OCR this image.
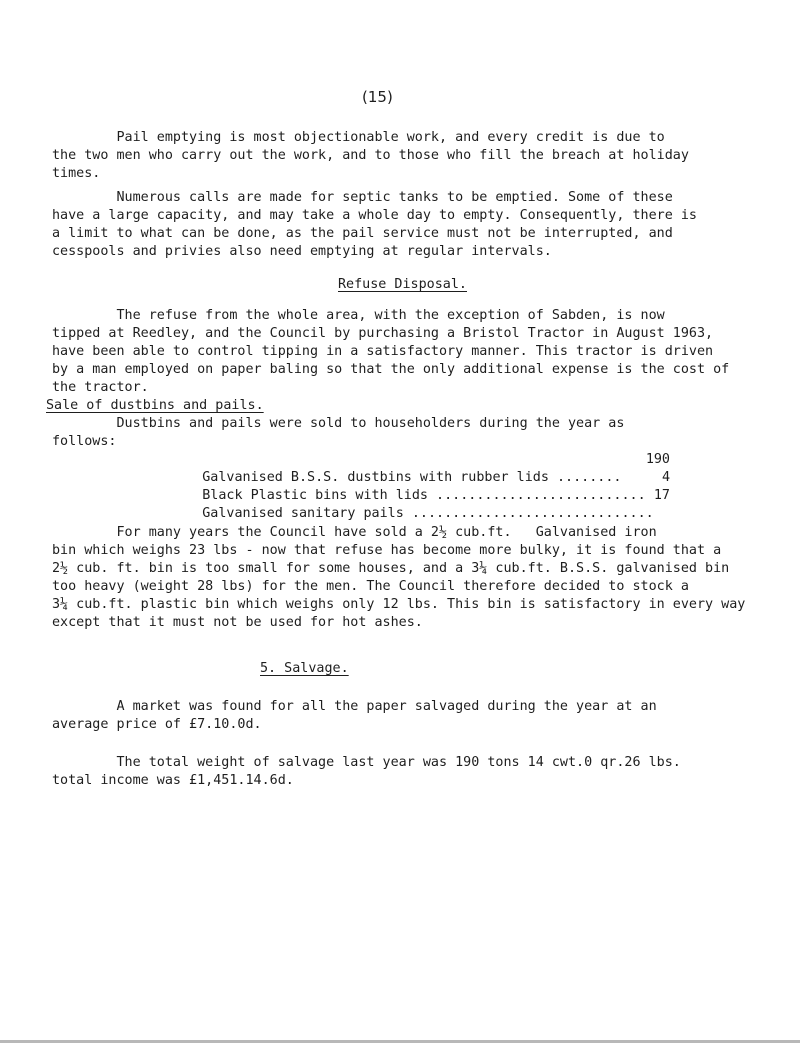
(15)

Pail emptying is most objectionable work, and every credit is due to
the two men who carry out the work, and to those who fill the breach at holiday
times.

Numerous calls are made for septic tanks to be emptied. Some of these
have a large capacity, and may take a whole day to empty. Consequently, there is
a limit to what can be done, as the pail service must not be interrupted, and
cesspools and privies also need emptying at regular intervals.

Refuse Disposal.

The refuse from the whole area, with the exception of Sabden, is now
tipped at Reedley, and the Council by purchasing a Bristol Tractor in August 1963,
have been able to control tipping in a satisfactory manner. This tractor is driven
by a man employed on paper baling so that the only additional expense is the cost of
the tractor.

Sale of dustbins and pails.

Dustbins and pails were sold to householders during the year as
follows:

Galvanised B.S.S. dustbins with rubber lids ........
190

Black Plastic bins with lids ..........................
4

Galvanised sanitary pails ..............................
17

For many years the Council have sold a 2½ cub.ft.   Galvanised iron
bin which weighs 23 lbs - now that refuse has become more bulky, it is found that a
2½ cub. ft. bin is too small for some houses, and a 3¼ cub.ft. B.S.S. galvanised bin
too heavy (weight 28 lbs) for the men. The Council therefore decided to stock a
3¼ cub.ft. plastic bin which weighs only 12 lbs. This bin is satisfactory in every way
except that it must not be used for hot ashes.

5. Salvage.

A market was found for all the paper salvaged during the year at an
average price of £7.10.0d.

The total weight of salvage last year was 190 tons 14 cwt.0 qr.26 lbs.
total income was £1,451.14.6d.
